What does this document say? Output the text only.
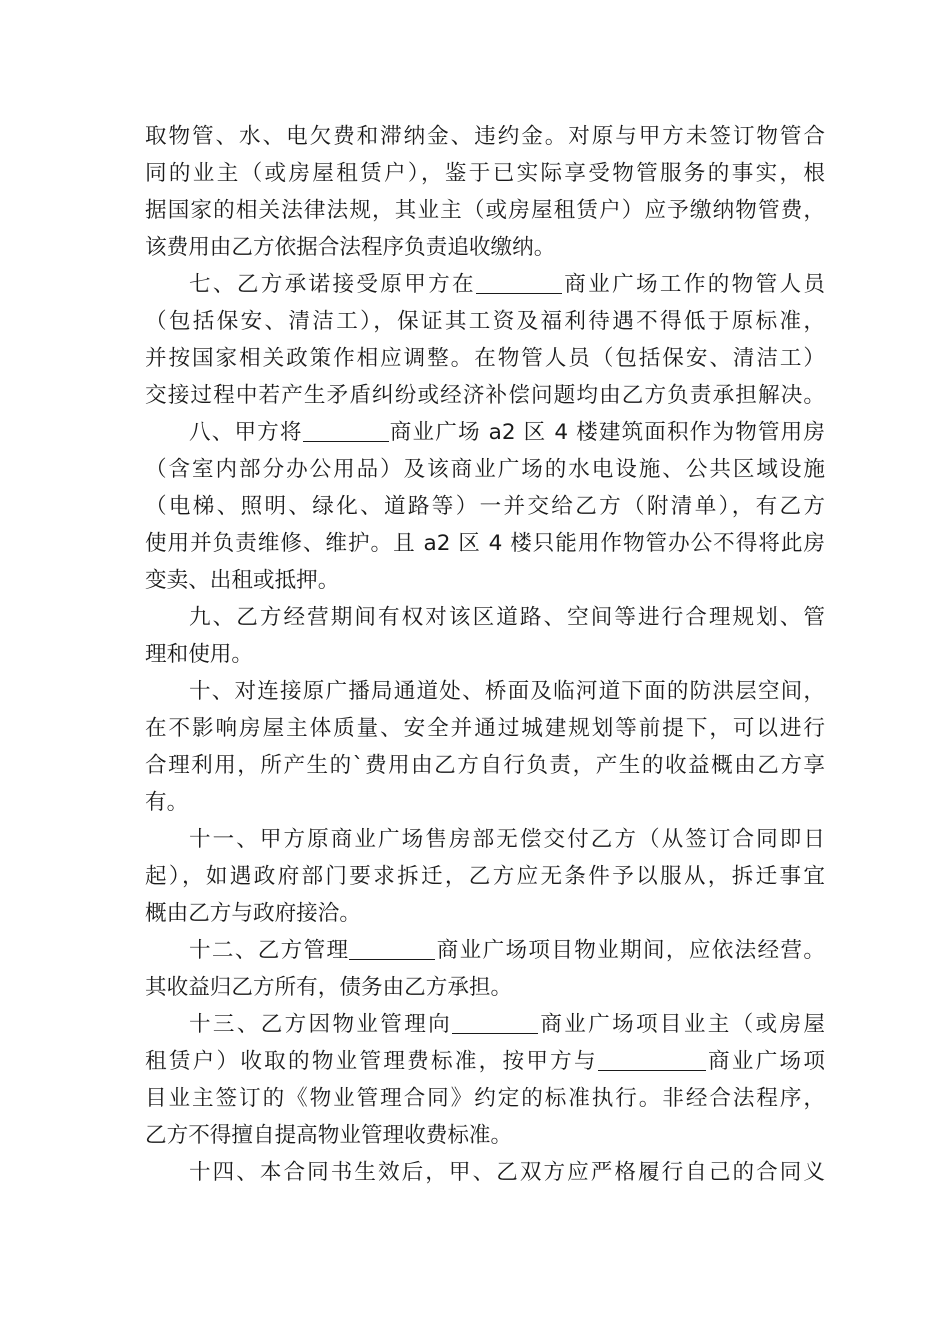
取物管、水、电欠费和滞纳金、违约金。对原与甲方未签订物管合
同的业主（或房屋租赁户），鉴于已实际享受物管服务的事实，根
据国家的相关法律法规，其业主（或房屋租赁户）应予缴纳物管费，
该费用由乙方依据合法程序负责追收缴纳。
七、乙方承诺接受原甲方在	商业广场工作的物管人员
（包括保安、清洁工），保证其工资及福利待遇不得低于原标准，
并按国家相关政策作相应调整。在物管人员（包括保安、清洁工）
交接过程中若产生矛盾纠纷或经济补偿问题均由乙方负责承担解决。
八、甲方将	商业广场 a2 区 4 楼建筑面积作为物管用房
（含室内部分办公用品）及该商业广场的水电设施、公共区域设施
（电梯、照明、绿化、道路等）一并交给乙方（附清单），有乙方
使用并负责维修、维护。且 a2 区 4 楼只能用作物管办公不得将此房
变卖、出租或抵押。
九、乙方经营期间有权对该区道路、空间等进行合理规划、管
理和使用。
十、对连接原广播局通道处、桥面及临河道下面的防洪层空间，
在不影响房屋主体质量、安全并通过城建规划等前提下，可以进行
合理利用，所产生的`费用由乙方自行负责，产生的收益概由乙方享
有。
十一、甲方原商业广场售房部无偿交付乙方（从签订合同即日
起），如遇政府部门要求拆迁，乙方应无条件予以服从，拆迁事宜
概由乙方与政府接洽。
十二、乙方管理	商业广场项目物业期间，应依法经营。
其收益归乙方所有，债务由乙方承担。
十三、乙方因物业管理向	商业广场项目业主（或房屋
租赁户）收取的物业管理费标准，按甲方与	商业广场项
目业主签订的《物业管理合同》约定的标准执行。非经合法程序，
乙方不得擅自提高物业管理收费标准。
十四、本合同书生效后，甲、乙双方应严格履行自己的合同义
